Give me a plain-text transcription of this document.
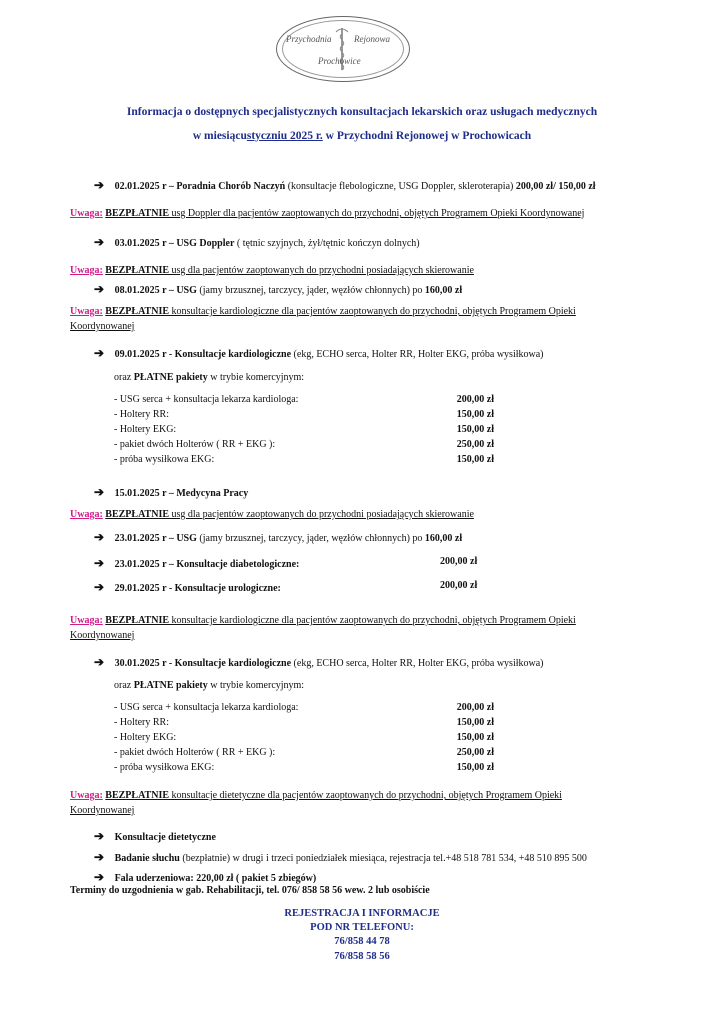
Przychodnia	Rejonowa
Prochowice
Informacja o dostępnych specjalistycznych konsultacjach lekarskich oraz usługach medycznych
w miesiącustyczniu 2025 r. w Przychodni Rejonowej w Prochowicach
➔ 02.01.2025 r – Poradnia Chorób Naczyń (konsultacje flebologiczne, USG Doppler, skleroterapia) 200,00 zł/ 150,00 zł
Uwaga: BEZPŁATNIE usg Doppler dla pacjentów zaoptowanych do przychodni, objętych Programem Opieki Koordynowanej
➔ 03.01.2025 r – USG Doppler ( tętnic szyjnych, żył/tętnic kończyn dolnych)
Uwaga: BEZPŁATNIE usg dla pacjentów zaoptowanych do przychodni posiadających skierowanie
➔ 08.01.2025 r – USG (jamy brzusznej, tarczycy, jąder, węzłów chłonnych) po 160,00 zł
Uwaga: BEZPŁATNIE konsultacje kardiologiczne dla pacjentów zaoptowanych do przychodni, objętych Programem Opieki
Koordynowanej
➔ 09.01.2025 r - Konsultacje kardiologiczne (ekg, ECHO serca, Holter RR, Holter EKG, próba wysiłkowa)
oraz PŁATNE pakiety w trybie komercyjnym:
- USG serca + konsultacja lekarza kardiologa:	200,00 zł
- Holtery RR:	150,00 zł
- Holtery EKG:	150,00 zł
- pakiet dwóch Holterów ( RR + EKG ):	250,00 zł
- próba wysiłkowa EKG:	150,00 zł
➔ 15.01.2025 r – Medycyna Pracy
Uwaga: BEZPŁATNIE usg dla pacjentów zaoptowanych do przychodni posiadających skierowanie
➔ 23.01.2025 r – USG (jamy brzusznej, tarczycy, jąder, węzłów chłonnych) po 160,00 zł
➔ 23.01.2025 r – Konsultacje diabetologiczne:	200,00 zł
➔ 29.01.2025 r - Konsultacje urologiczne:	200,00 zł
Uwaga: BEZPŁATNIE konsultacje kardiologiczne dla pacjentów zaoptowanych do przychodni, objętych Programem Opieki
Koordynowanej
➔ 30.01.2025 r - Konsultacje kardiologiczne (ekg, ECHO serca, Holter RR, Holter EKG, próba wysiłkowa)
oraz PŁATNE pakiety w trybie komercyjnym:
- USG serca + konsultacja lekarza kardiologa:	200,00 zł
- Holtery RR:	150,00 zł
- Holtery EKG:	150,00 zł
- pakiet dwóch Holterów ( RR + EKG ):	250,00 zł
- próba wysiłkowa EKG:	150,00 zł
Uwaga: BEZPŁATNIE konsultacje dietetyczne dla pacjentów zaoptowanych do przychodni, objętych Programem Opieki
Koordynowanej
➔ Konsultacje dietetyczne
➔ Badanie słuchu (bezpłatnie) w drugi i trzeci poniedziałek miesiąca, rejestracja tel.+48 518 781 534, +48 510 895 500
➔ Fala uderzeniowa: 220,00 zł ( pakiet 5 zbiegów)
Terminy do uzgodnienia w gab. Rehabilitacji, tel. 076/ 858 58 56 wew. 2 lub osobiście
REJESTRACJA I INFORMACJE
POD NR TELEFONU:
76/858 44 78
76/858 58 56
